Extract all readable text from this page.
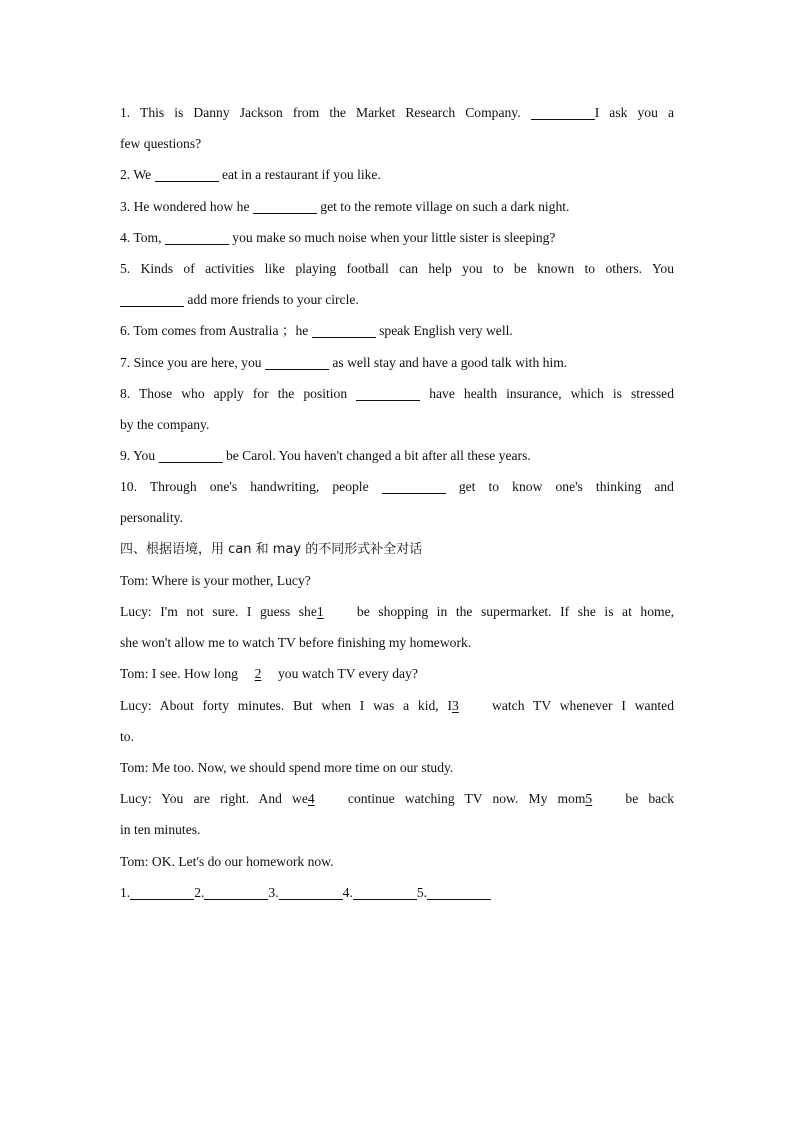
1. This is Danny Jackson from the Market Research Company.	I ask you a
few questions?
2. We	eat in a restaurant if you like.
3. He wondered how he	get to the remote village on such a dark night.
4. Tom,	you make so much noise when your little sister is sleeping?
5. Kinds of activities like playing football can help you to be known to others. You
add more friends to your circle.
6. Tom comes from Australia ；he	speak English very well.
7. Since you are here, you	as well stay and have a good talk with him.
8. Those who apply for the position	have health insurance, which is stressed
by the company.
9. You	be Carol. You haven't changed a bit after all these years.
10. Through one's handwriting, people	get to know one's thinking and
personality.
四、根据语境，用 can 和 may 的不同形式补全对话
Tom: Where is your mother, Lucy?
Lucy: I'm not sure. I guess she1 be shopping in the supermarket. If she is at home,
she won't allow me to watch TV before finishing my homework.
Tom: I see. How long 2 you watch TV every day?
Lucy: About forty minutes. But when I was a kid, I3 watch TV whenever I wanted
to.
Tom: Me too. Now, we should spend more time on our study.
Lucy: You are right. And we4 continue watching TV now. My mom5 be back
in ten minutes.
Tom: OK. Let's do our homework now.
1.	2.	3.	4.	5.
